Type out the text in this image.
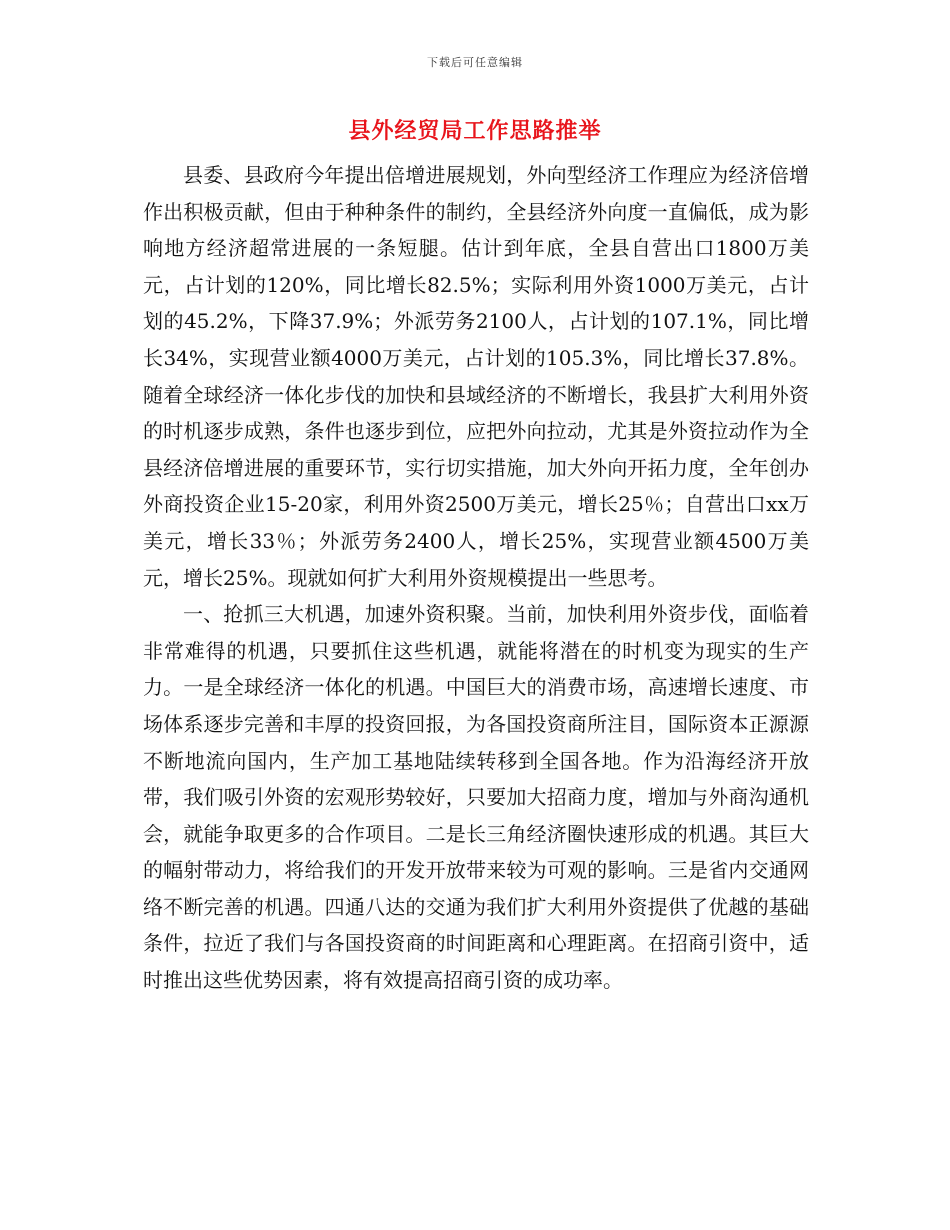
下载后可任意编辑
县外经贸局工作思路推举

县委、县政府今年提出倍增进展规划，外向型经济工作理应为经济倍增作出积极贡献，但由于种种条件的制约，全县经济外向度一直偏低，成为影响地方经济超常进展的一条短腿。估计到年底，全县自营出口1800万美元，占计划的120%，同比增长82.5%；实际利用外资1000万美元，占计划的45.2%，下降37.9%；外派劳务2100人，占计划的107.1%，同比增长34%，实现营业额4000万美元，占计划的105.3%，同比增长37.8%。随着全球经济一体化步伐的加快和县域经济的不断增长，我县扩大利用外资的时机逐步成熟，条件也逐步到位，应把外向拉动，尤其是外资拉动作为全县经济倍增进展的重要环节，实行切实措施，加大外向开拓力度，全年创办外商投资企业15-20家，利用外资2500万美元，增长25％；自营出口xx万美元，增长33％；外派劳务2400人，增长25%，实现营业额4500万美元，增长25%。现就如何扩大利用外资规模提出一些思考。

一、抢抓三大机遇，加速外资积聚。当前，加快利用外资步伐，面临着非常难得的机遇，只要抓住这些机遇，就能将潜在的时机变为现实的生产力。一是全球经济一体化的机遇。中国巨大的消费市场，高速增长速度、市场体系逐步完善和丰厚的投资回报，为各国投资商所注目，国际资本正源源不断地流向国内，生产加工基地陆续转移到全国各地。作为沿海经济开放带，我们吸引外资的宏观形势较好，只要加大招商力度，增加与外商沟通机会，就能争取更多的合作项目。二是长三角经济圈快速形成的机遇。其巨大的幅射带动力，将给我们的开发开放带来较为可观的影响。三是省内交通网络不断完善的机遇。四通八达的交通为我们扩大利用外资提供了优越的基础条件，拉近了我们与各国投资商的时间距离和心理距离。在招商引资中，适时推出这些优势因素，将有效提高招商引资的成功率。
